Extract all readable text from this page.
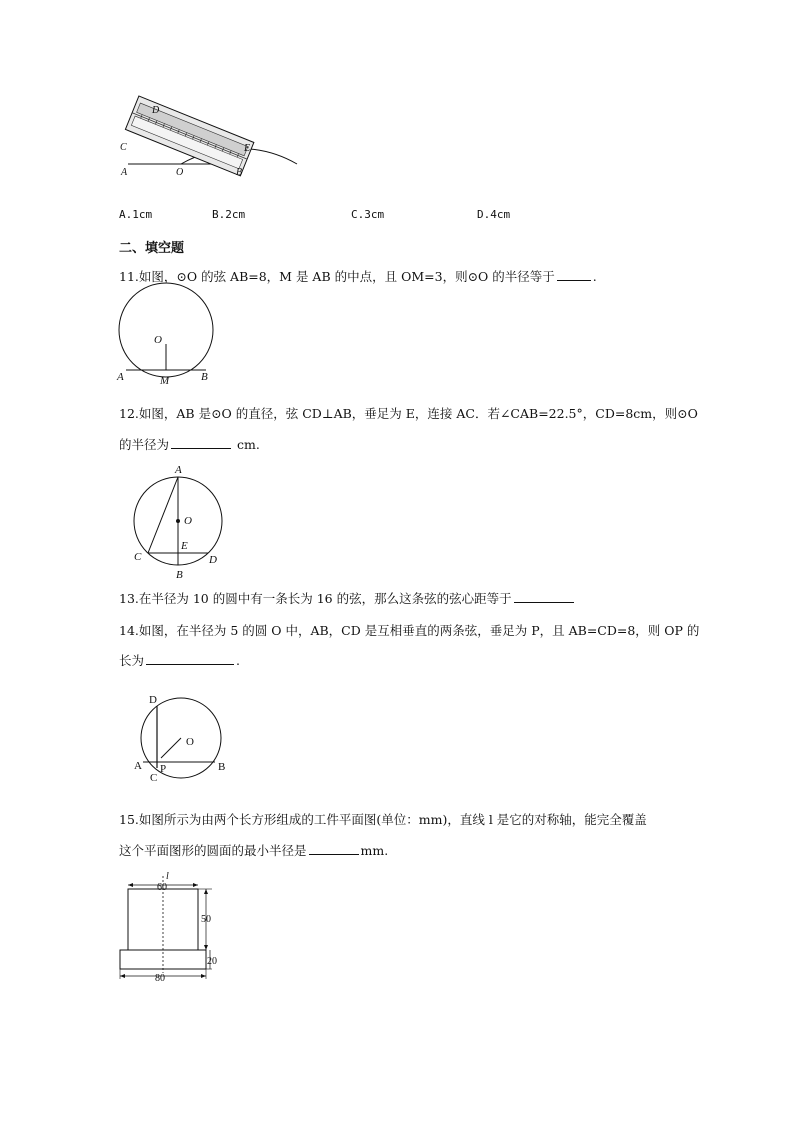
D
C
A	O
E
B
A.1cm	B.2cm	C.3cm	D.4cm
二、填空题
11.如图，⊙O 的弦 AB=8，M 是 AB 的中点，且 OM=3，则⊙O 的半径等于	.
O
A	M	B
12.如图，AB 是⊙O 的直径，弦 CD⊥AB，垂足为 E，连接 AC．若∠CAB=22.5°，CD=8cm，则⊙O
的半径为	cm.
A
O
E
C	D
B
13.在半径为 10 的圆中有一条长为 16 的弦，那么这条弦的弦心距等于
14.如图，在半径为 5 的圆 O 中，AB，CD 是互相垂直的两条弦，垂足为 P，且 AB=CD=8，则 OP 的
长为	.
D
O
A P
C
B
15.如图所示为由两个长方形组成的工件平面图(单位：mm)，直线 l 是它的对称轴，能完全覆盖
这个平面图形的圆面的最小半径是	mm.
l
60
50
20
80
